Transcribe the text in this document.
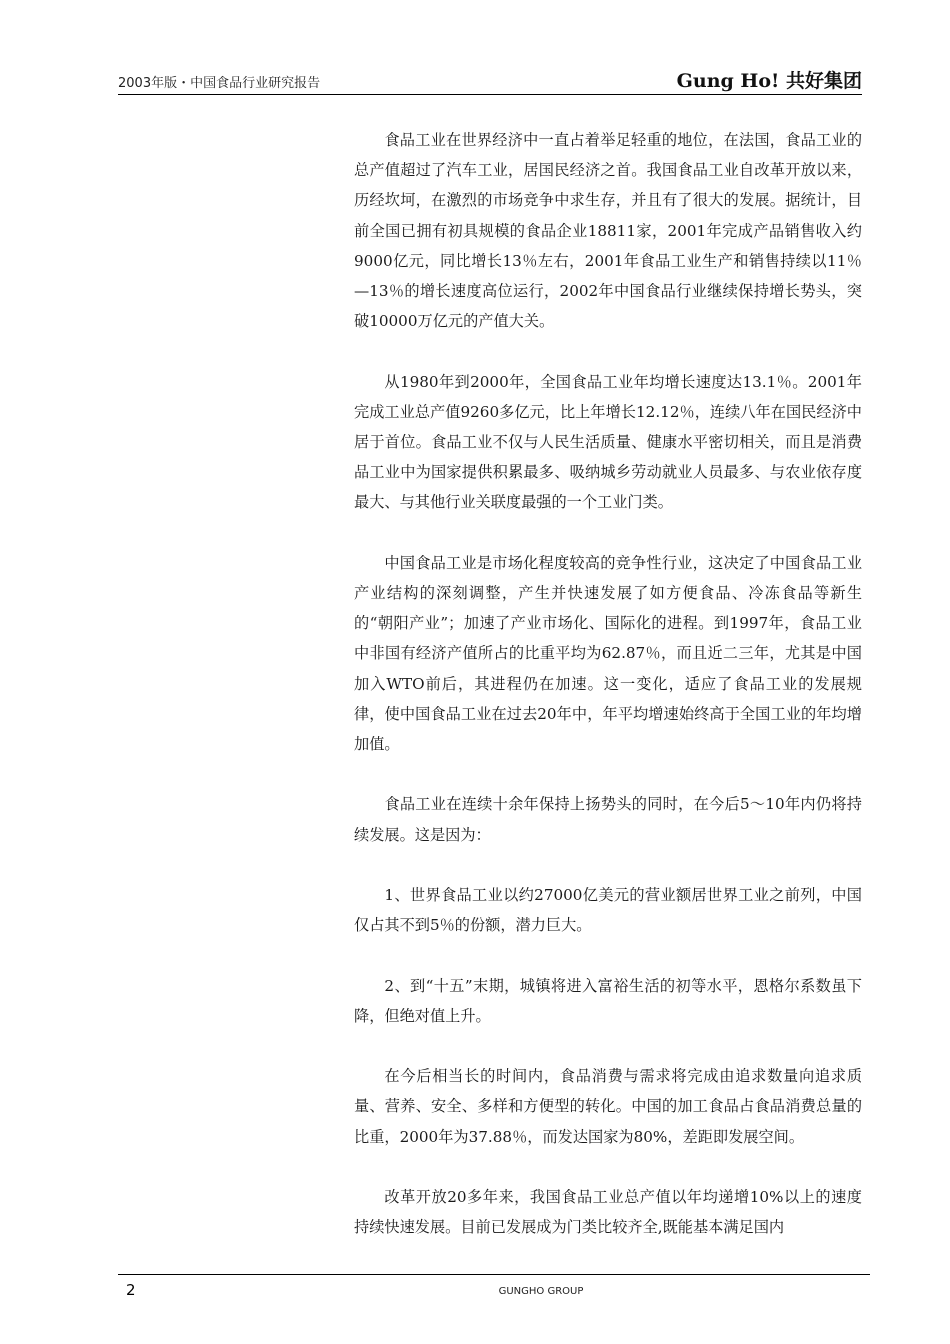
2003年版・中国食品行业研究报告	Gung Ho! 共好集团

食品工业在世界经济中一直占着举足轻重的地位，在法国，食品工业的总产值超过了汽车工业，居国民经济之首。我国食品工业自改革开放以来，历经坎坷，在激烈的市场竞争中求生存，并且有了很大的发展。据统计，目前全国已拥有初具规模的食品企业18811家，2001年完成产品销售收入约9000亿元，同比增长13％左右，2001年食品工业生产和销售持续以11％—13％的增长速度高位运行，2002年中国食品行业继续保持增长势头，突破10000万亿元的产值大关。

从1980年到2000年，全国食品工业年均增长速度达13.1％。2001年完成工业总产值9260多亿元，比上年增长12.12％，连续八年在国民经济中居于首位。食品工业不仅与人民生活质量、健康水平密切相关，而且是消费品工业中为国家提供积累最多、吸纳城乡劳动就业人员最多、与农业依存度最大、与其他行业关联度最强的一个工业门类。

中国食品工业是市场化程度较高的竞争性行业，这决定了中国食品工业产业结构的深刻调整，产生并快速发展了如方便食品、冷冻食品等新生的“朝阳产业”；加速了产业市场化、国际化的进程。到1997年，食品工业中非国有经济产值所占的比重平均为62.87％，而且近二三年，尤其是中国加入WTO前后，其进程仍在加速。这一变化，适应了食品工业的发展规律，使中国食品工业在过去20年中，年平均增速始终高于全国工业的年均增加值。

食品工业在连续十余年保持上扬势头的同时，在今后5～10年内仍将持续发展。这是因为：

1、世界食品工业以约27000亿美元的营业额居世界工业之前列，中国仅占其不到5％的份额，潜力巨大。

2、到“十五”末期，城镇将进入富裕生活的初等水平，恩格尔系数虽下降，但绝对值上升。

在今后相当长的时间内，食品消费与需求将完成由追求数量向追求质量、营养、安全、多样和方便型的转化。中国的加工食品占食品消费总量的比重，2000年为37.88％，而发达国家为80%，差距即发展空间。

改革开放20多年来，我国食品工业总产值以年均递增10%以上的速度持续快速发展。目前已发展成为门类比较齐全,既能基本满足国内

2	GUNGHO GROUP
